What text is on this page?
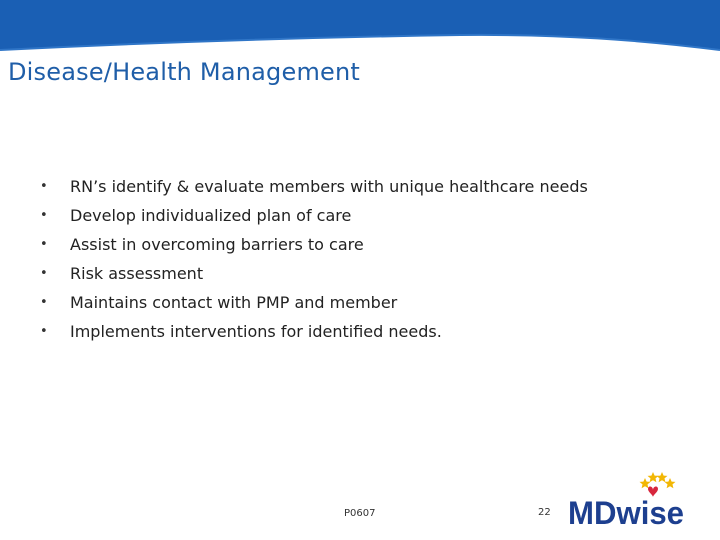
Disease/Health Management
• RN’s identify & evaluate members with unique healthcare needs
• Develop individualized plan of care
• Assist in overcoming barriers to care
• Risk assessment
• Maintains contact with PMP and member
• Implements interventions for identified needs.
P0607	22 MDwise
